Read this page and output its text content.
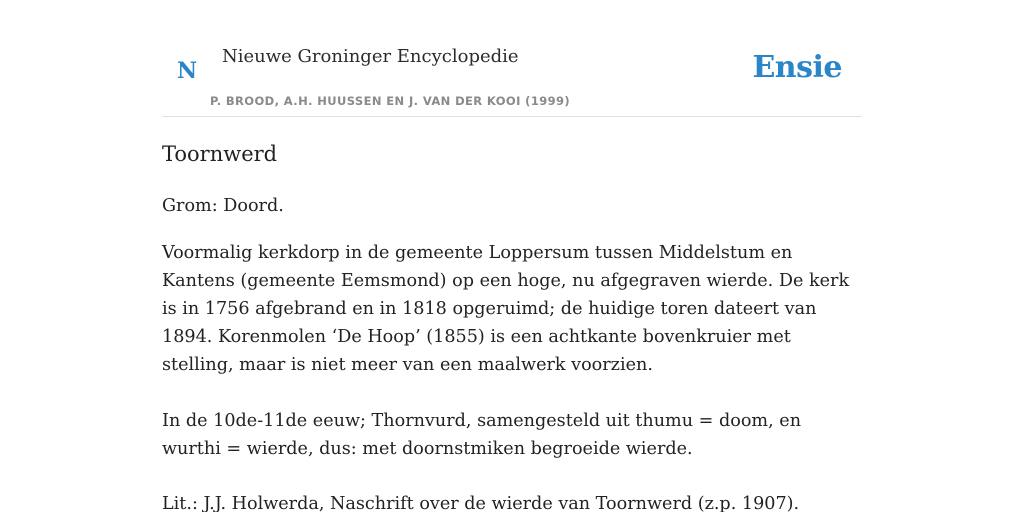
N
Nieuwe Groninger Encyclopedie
P. BROOD, A.H. HUUSSEN EN J. VAN DER KOOI (1999)
Ensie
Toornwerd

Grom: Doord.

Voormalig kerkdorp in de gemeente Loppersum tussen Middelstum en Kantens (gemeente Eemsmond) op een hoge, nu afgegraven wierde. De kerk is in 1756 afgebrand en in 1818 opgeruimd; de huidige toren dateert van 1894. Korenmolen ‘De Hoop’ (1855) is een achtkante bovenkruier met stelling, maar is niet meer van een maalwerk voorzien.

In de 10de-11de eeuw; Thornvurd, samengesteld uit thumu = doom, en wurthi = wierde, dus: met doornstmiken begroeide wierde.

Lit.: J.J. Holwerda, Naschrift over de wierde van Toornwerd (z.p. 1907).
